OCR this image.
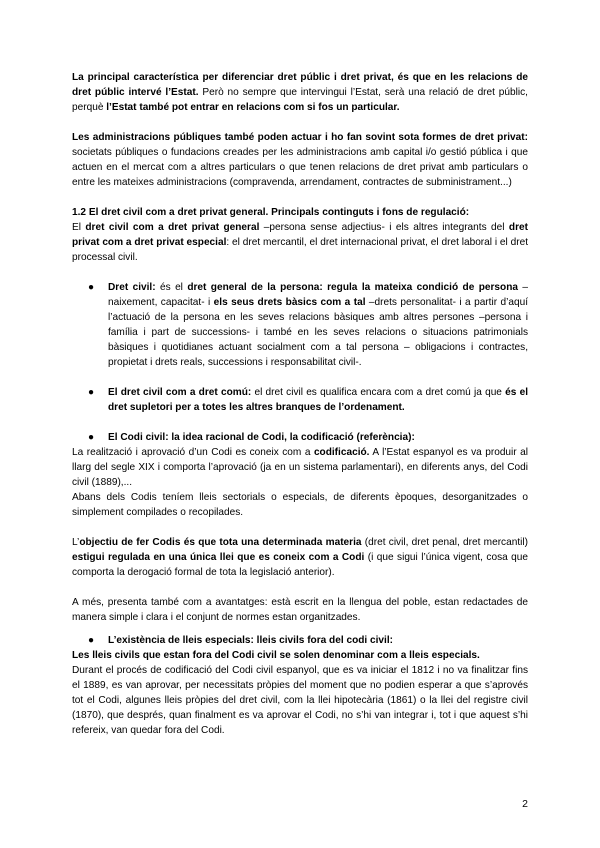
La principal característica per diferenciar dret públic i dret privat, és que en les relacions de dret públic intervé l’Estat. Però no sempre que intervingui l’Estat, serà una relació de dret públic, perquè l’Estat també pot entrar en relacions com si fos un particular.

Les administracions públiques també poden actuar i ho fan sovint sota formes de dret privat: societats públiques o fundacions creades per les administracions amb capital i/o gestió pública i que actuen en el mercat com a altres particulars o que tenen relacions de dret privat amb particulars o entre les mateixes administracions (compravenda, arrendament, contractes de subministrament...)

1.2 El dret civil com a dret privat general. Principals continguts i fons de regulació:

El dret civil com a dret privat general –persona sense adjectius- i els altres integrants del dret privat com a dret privat especial: el dret mercantil, el dret internacional privat, el dret laboral i el dret processal civil.

● Dret civil: és el dret general de la persona: regula la mateixa condició de persona –naixement, capacitat- i els seus drets bàsics com a tal –drets personalitat- i a partir d’aquí l’actuació de la persona en les seves relacions bàsiques amb altres persones –persona i família i part de successions- i també en les seves relacions o situacions patrimonials bàsiques i quotidianes actuant socialment com a tal persona – obligacions i contractes, propietat i drets reals, successions i responsabilitat civil-.
● El dret civil com a dret comú: el dret civil es qualifica encara com a dret comú ja que és el dret supletori per a totes les altres branques de l’ordenament.
● El Codi civil: la idea racional de Codi, la codificació (referència):

La realització i aprovació d’un Codi es coneix com a codificació. A l’Estat espanyol es va produir al llarg del segle XIX i comporta l’aprovació (ja en un sistema parlamentari), en diferents anys, del Codi civil (1889),...

Abans dels Codis teníem lleis sectorials o especials, de diferents èpoques, desorganitzades o simplement compilades o recopilades.

L’objectiu de fer Codis és que tota una determinada materia (dret civil, dret penal, dret mercantil) estigui regulada en una única llei que es coneix com a Codi (i que sigui l’única vigent, cosa que comporta la derogació formal de tota la legislació anterior).

A més, presenta també com a avantatges: està escrit en la llengua del poble, estan redactades de manera simple i clara i el conjunt de normes estan organitzades.

● L’existència de lleis especials: lleis civils fora del codi civil:

Les lleis civils que estan fora del Codi civil se solen denominar com a lleis especials.

Durant el procés de codificació del Codi civil espanyol, que es va iniciar el 1812 i no va finalitzar fins el 1889, es van aprovar, per necessitats pròpies del moment que no podien esperar a que s’aprovés tot el Codi, algunes lleis pròpies del dret civil, com la llei hipotecària (1861) o la llei del registre civil (1870), que després, quan finalment es va aprovar el Codi, no s’hi van integrar i, tot i que aquest s’hi refereix, van quedar fora del Codi.

2
